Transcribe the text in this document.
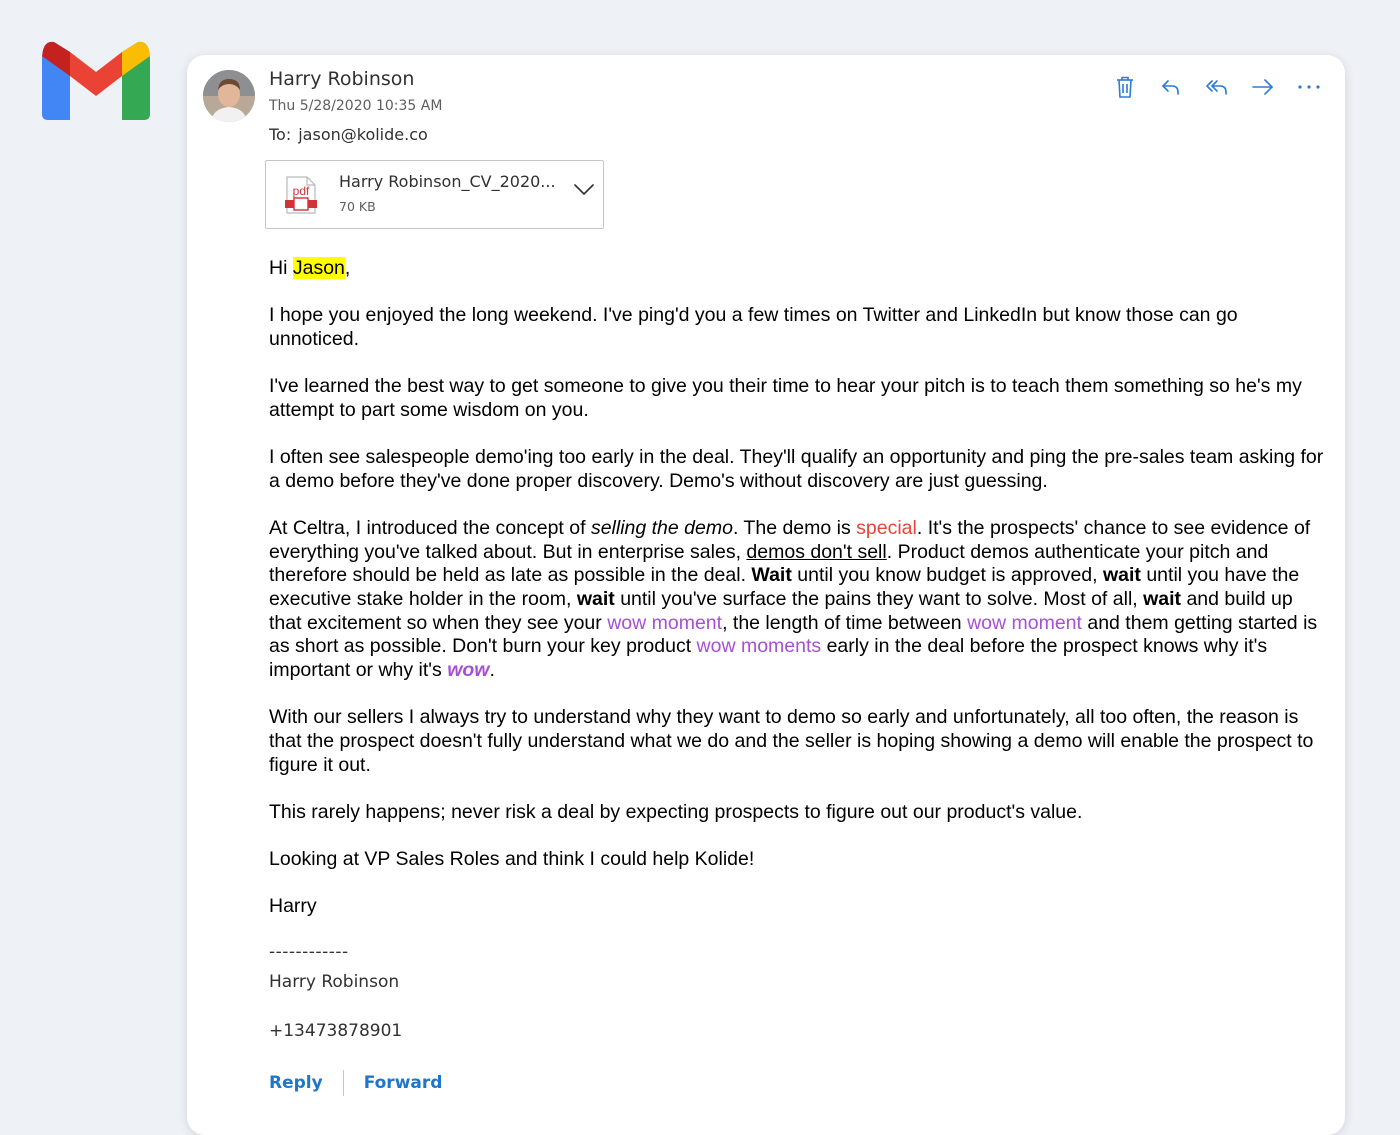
Harry Robinson
Thu 5/28/2020 10:35 AM
To: jason@kolide.co
pdf Harry Robinson_CV_2020...
70 KB

Hi Jason,

I hope you enjoyed the long weekend. I've ping'd you a few times on Twitter and LinkedIn but know those can go unnoticed.

I've learned the best way to get someone to give you their time to hear your pitch is to teach them something so he's my attempt to part some wisdom on you.

I often see salespeople demo'ing too early in the deal. They'll qualify an opportunity and ping the pre-sales team asking for a demo before they've done proper discovery. Demo's without discovery are just guessing.

At Celtra, I introduced the concept of selling the demo. The demo is special. It's the prospects' chance to see evidence of everything you've talked about. But in enterprise sales, demos don't sell. Product demos authenticate your pitch and therefore should be held as late as possible in the deal. Wait until you know budget is approved, wait until you have the executive stake holder in the room, wait until you've surface the pains they want to solve. Most of all, wait and build up that excitement so when they see your wow moment, the length of time between wow moment and them getting started is as short as possible. Don't burn your key product wow moments early in the deal before the prospect knows why it's important or why it's wow.

With our sellers I always try to understand why they want to demo so early and unfortunately, all too often, the reason is that the prospect doesn't fully understand what we do and the seller is hoping showing a demo will enable the prospect to figure it out.

This rarely happens; never risk a deal by expecting prospects to figure out our product's value.

Looking at VP Sales Roles and think I could help Kolide!

Harry

------------
Harry Robinson
+13473878901
Reply Forward
